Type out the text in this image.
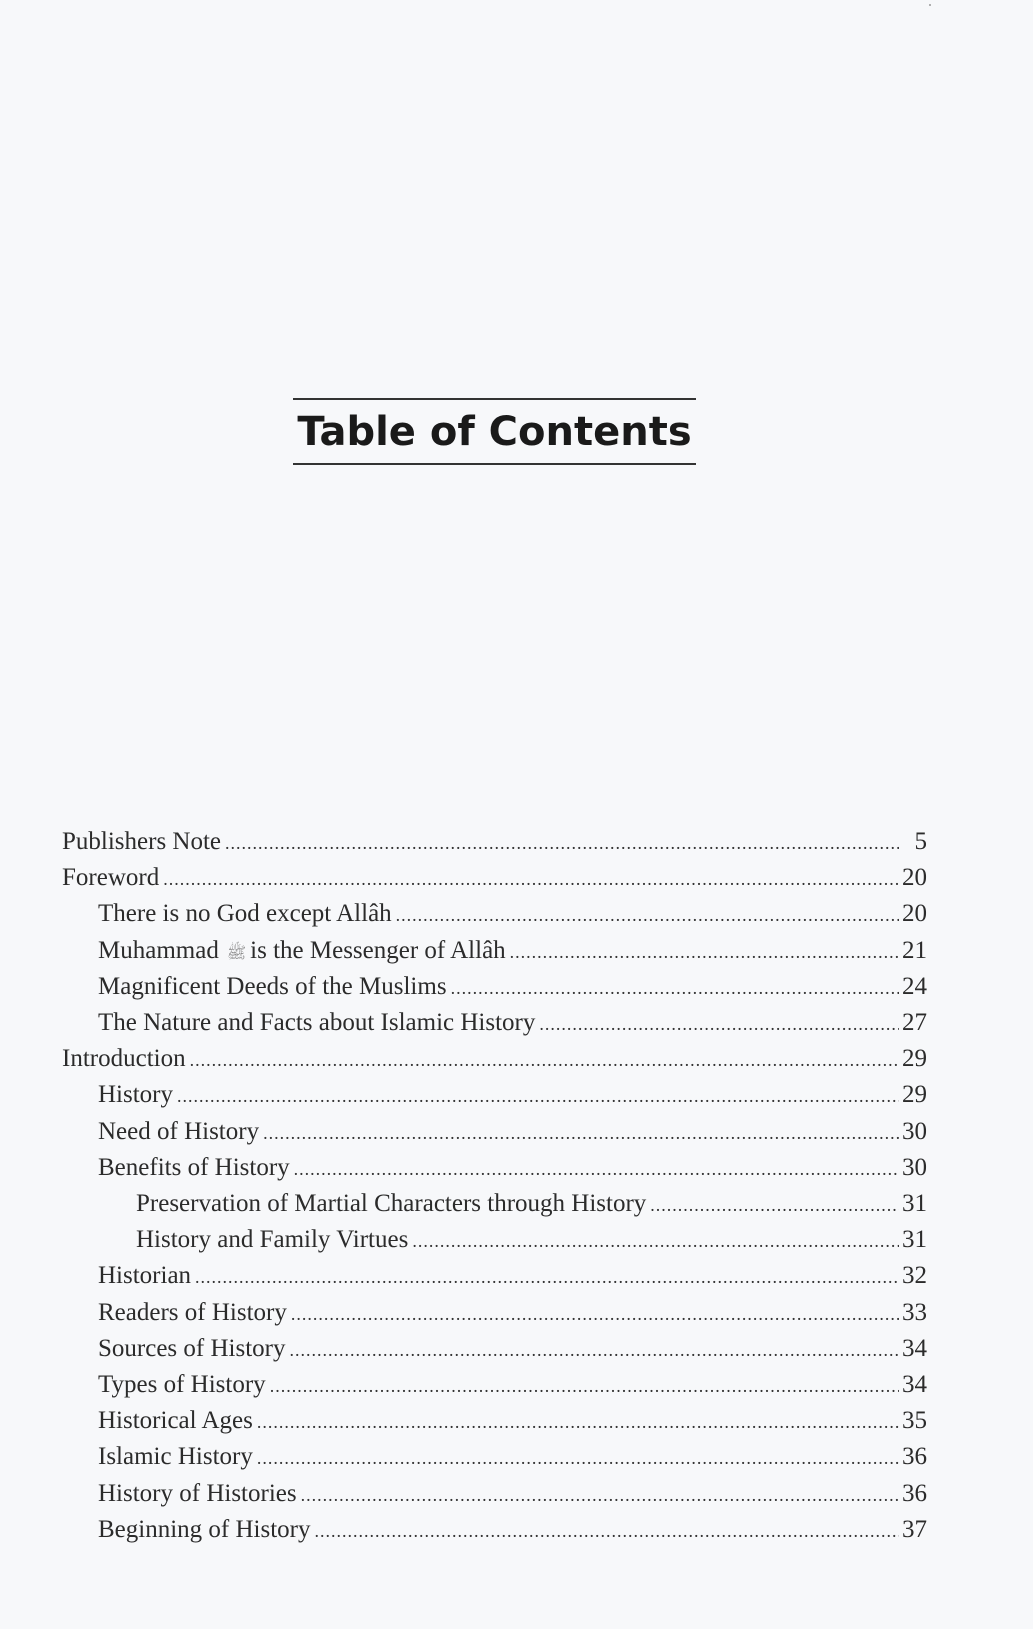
Table of Contents
Publishers Note .....	5
Foreword .....	20
There is no God except Allâh .....	20
Muhammad ﷺ is the Messenger of Allâh .....	21
Magnificent Deeds of the Muslims .....	24
The Nature and Facts about Islamic History .....	27
Introduction .....	29
History .....	29
Need of History .....	30
Benefits of History .....	30
Preservation of Martial Characters through History .....	31
History and Family Virtues .....	31
Historian .....	32
Readers of History .....	33
Sources of History .....	34
Types of History .....	34
Historical Ages .....	35
Islamic History .....	36
History of Histories .....	36
Beginning of History .....	37
